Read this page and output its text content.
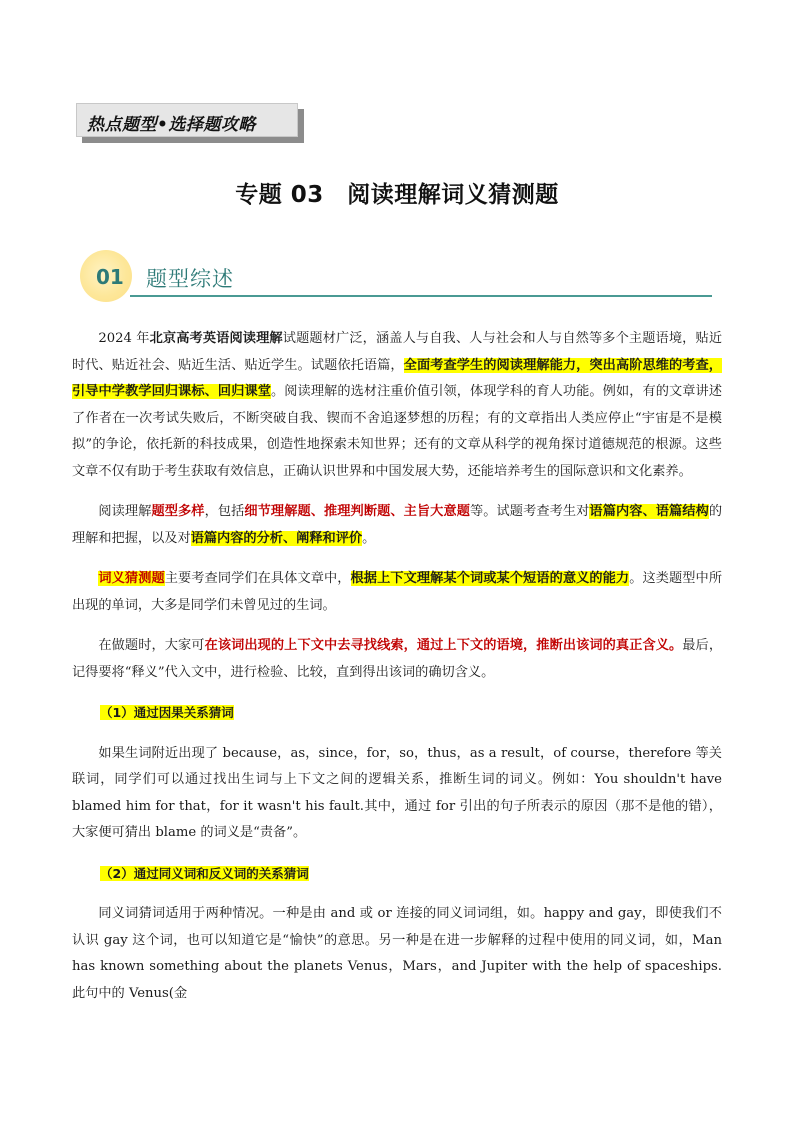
热点题型•选择题攻略
专题 03　阅读理解词义猜测题
01 题型综述

2024 年北京高考英语阅读理解试题题材广泛，涵盖人与自我、人与社会和人与自然等多个主题语境，贴近时代、贴近社会、贴近生活、贴近学生。试题依托语篇，全面考查学生的阅读理解能力，突出高阶思维的考查，引导中学教学回归课标、回归课堂。阅读理解的选材注重价值引领，体现学科的育人功能。例如，有的文章讲述了作者在一次考试失败后，不断突破自我、锲而不舍追逐梦想的历程；有的文章指出人类应停止“宇宙是不是模拟”的争论，依托新的科技成果，创造性地探索未知世界；还有的文章从科学的视角探讨道德规范的根源。这些文章不仅有助于考生获取有效信息，正确认识世界和中国发展大势，还能培养考生的国际意识和文化素养。

阅读理解题型多样，包括细节理解题、推理判断题、主旨大意题等。试题考查考生对语篇内容、语篇结构的理解和把握，以及对语篇内容的分析、阐释和评价。

词义猜测题主要考查同学们在具体文章中，根据上下文理解某个词或某个短语的意义的能力。这类题型中所出现的单词，大多是同学们未曾见过的生词。

在做题时，大家可在该词出现的上下文中去寻找线索，通过上下文的语境，推断出该词的真正含义。最后，记得要将“释义”代入文中，进行检验、比较，直到得出该词的确切含义。

（1）通过因果关系猜词

如果生词附近出现了 because，as，since，for，so，thus，as a result，of course，therefore 等关联词，同学们可以通过找出生词与上下文之间的逻辑关系，推断生词的词义。例如：You shouldn't have blamed him for that，for it wasn't his fault.其中，通过 for 引出的句子所表示的原因（那不是他的错），大家便可猜出 blame 的词义是“责备”。

（2）通过同义词和反义词的关系猜词

同义词猜词适用于两种情况。一种是由 and 或 or 连接的同义词词组，如。happy and gay，即使我们不认识 gay 这个词，也可以知道它是“愉快”的意思。另一种是在进一步解释的过程中使用的同义词，如，Man has known something about the planets Venus，Mars，and Jupiter with the help of spaceships.此句中的 Venus(金
